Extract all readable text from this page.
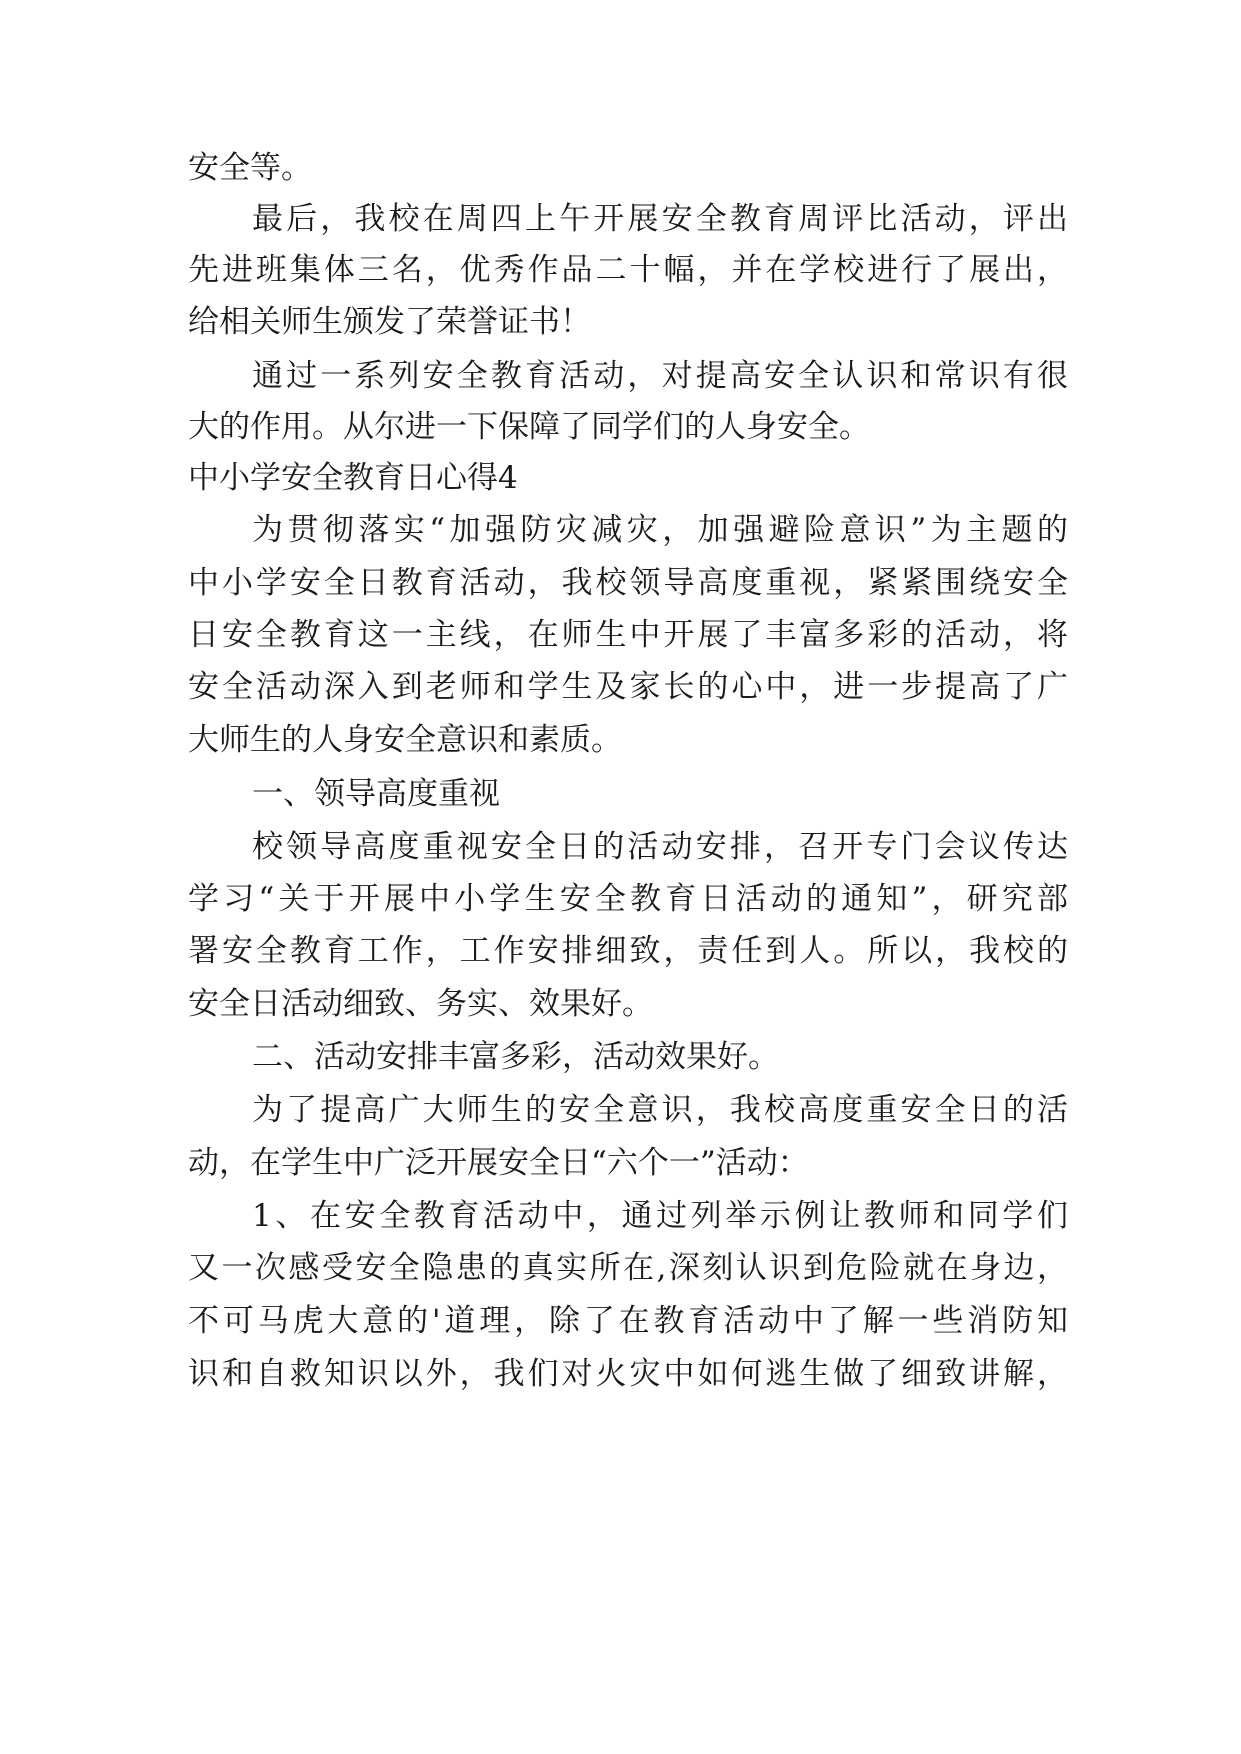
安全等。
最后，我校在周四上午开展安全教育周评比活动，评出
先进班集体三名，优秀作品二十幅，并在学校进行了展出，
给相关师生颁发了荣誉证书！
通过一系列安全教育活动，对提高安全认识和常识有很
大的作用。从尔进一下保障了同学们的人身安全。
中小学安全教育日心得4
为贯彻落实“加强防灾减灾，加强避险意识”为主题的
中小学安全日教育活动，我校领导高度重视，紧紧围绕安全
日安全教育这一主线，在师生中开展了丰富多彩的活动，将
安全活动深入到老师和学生及家长的心中，进一步提高了广
大师生的人身安全意识和素质。
一、领导高度重视
校领导高度重视安全日的活动安排，召开专门会议传达
学习“关于开展中小学生安全教育日活动的通知”，研究部
署安全教育工作，工作安排细致，责任到人。所以，我校的
安全日活动细致、务实、效果好。
二、活动安排丰富多彩，活动效果好。
为了提高广大师生的安全意识，我校高度重安全日的活
动，在学生中广泛开展安全日“六个一”活动：
1、在安全教育活动中，通过列举示例让教师和同学们
又一次感受安全隐患的真实所在,深刻认识到危险就在身边，
不可马虎大意的'道理，除了在教育活动中了解一些消防知
识和自救知识以外，我们对火灾中如何逃生做了细致讲解，
